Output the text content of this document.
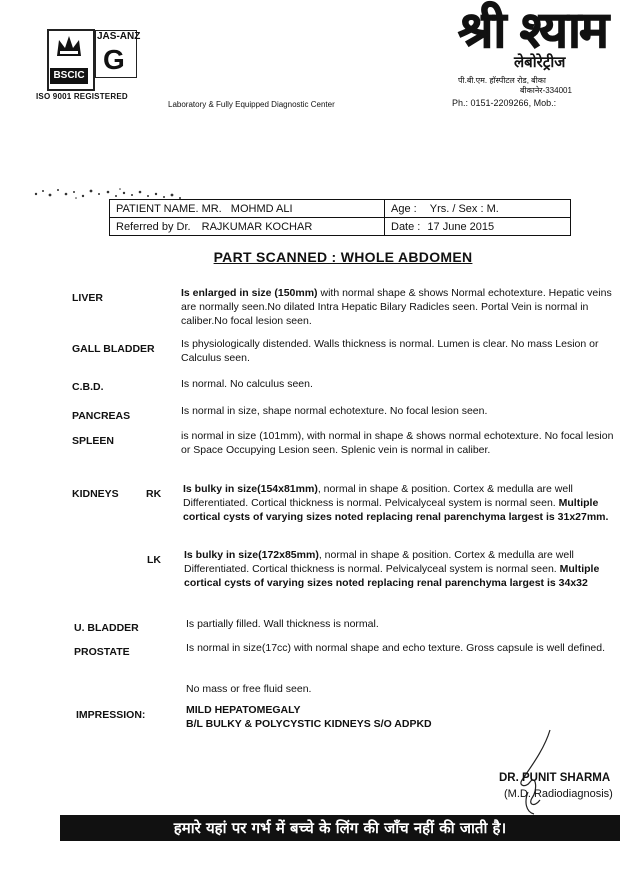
BSCIC
JAS-ANZ
G
ISO 9001 REGISTERED
Laboratory & Fully Equipped Diagnostic Center
श्री श्याम
लेबोरेट्रीज
पी.बी.एम. हॉस्पीटल रोड, बीका
बीकानेर-334001
Ph.: 0151-2209266, Mob.:
PATIENT NAME. MR. MOHMD ALI	Age : Yrs. / Sex : M.
Referred by Dr. RAJKUMAR KOCHAR	Date : 17 June 2015
PART SCANNED : WHOLE ABDOMEN
LIVER	Is enlarged in size (150mm) with normal shape & shows Normal echotexture. Hepatic veins are normally seen.No dilated Intra Hepatic Bilary Radicles seen. Portal Vein is normal in caliber.No focal lesion seen.
GALL BLADDER	Is physiologically distended. Walls thickness is normal. Lumen is clear. No mass Lesion or Calculus seen.
C.B.D.	Is normal. No calculus seen.
PANCREAS	Is normal in size, shape normal echotexture. No focal lesion seen.
SPLEEN	is normal in size (101mm), with normal in shape & shows normal echotexture. No focal lesion or Space Occupying Lesion seen. Splenic vein is normal in caliber.
KIDNEYS	RK Is bulky in size(154x81mm), normal in shape & position. Cortex & medulla are well Differentiated. Cortical thickness is normal. Pelvicalyceal system is normal seen. Multiple cortical cysts of varying sizes noted replacing renal parenchyma largest is 31x27mm.
LK Is bulky in size(172x85mm), normal in shape & position. Cortex & medulla are well Differentiated. Cortical thickness is normal. Pelvicalyceal system is normal seen. Multiple cortical cysts of varying sizes noted replacing renal parenchyma largest is 34x32
U. BLADDER	Is partially filled. Wall thickness is normal.
PROSTATE	Is normal in size(17cc) with normal shape and echo texture. Gross capsule is well defined.
No mass or free fluid seen.
IMPRESSION:	MILD HEPATOMEGALY
B/L BULKY & POLYCYSTIC KIDNEYS S/O ADPKD
DR. PUNIT SHARMA
(M.D. Radiodiagnosis)
हमारे यहां पर गर्भ में बच्चे के लिंग की जाँच नहीं की जाती है।
